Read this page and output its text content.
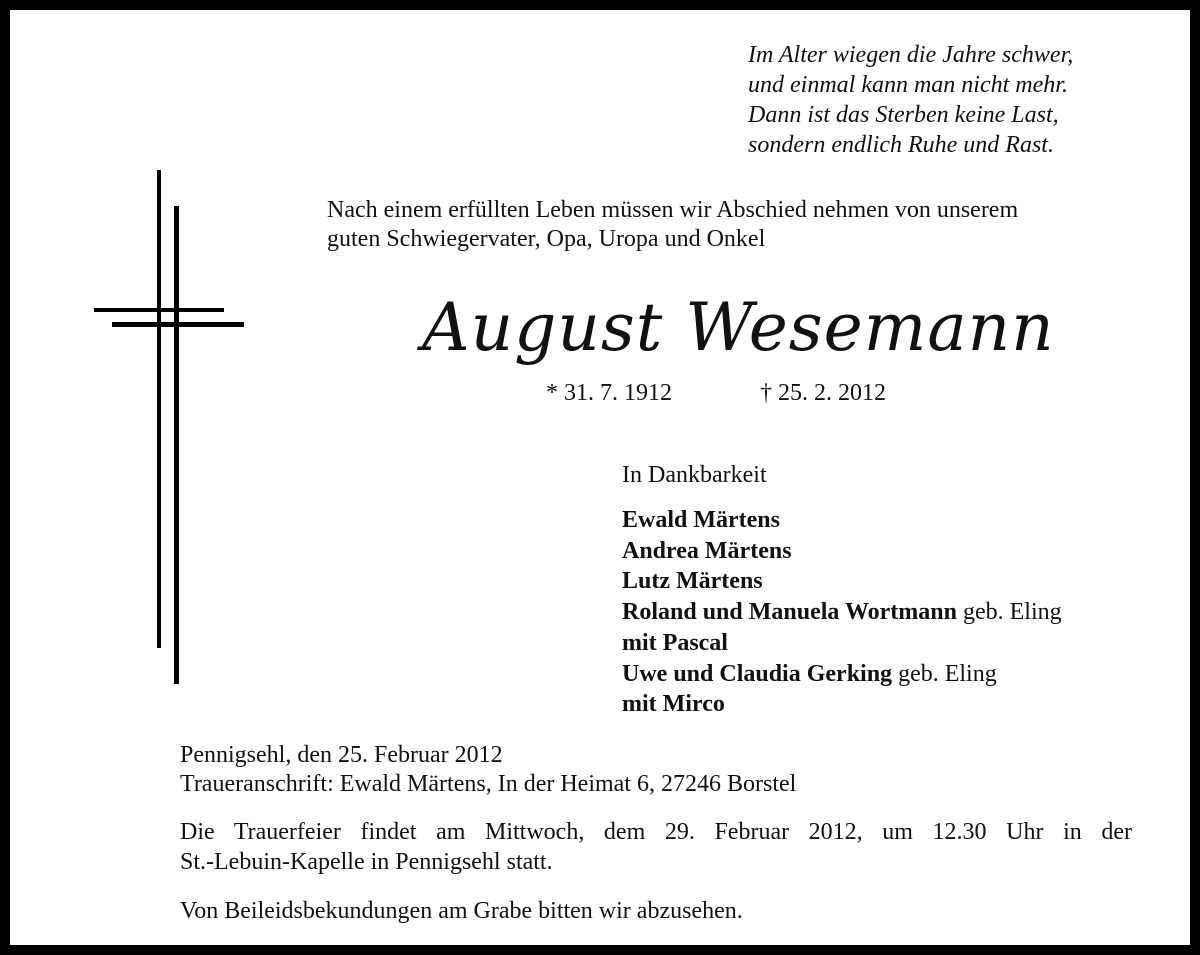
Im Alter wiegen die Jahre schwer,
und einmal kann man nicht mehr.
Dann ist das Sterben keine Last,
sondern endlich Ruhe und Rast.
Nach einem erfüllten Leben müssen wir Abschied nehmen von unserem
guten Schwiegervater, Opa, Uropa und Onkel
August Wesemann
* 31. 7. 1912	† 25. 2. 2012
In Dankbarkeit
Ewald Märtens
Andrea Märtens
Lutz Märtens
Roland und Manuela Wortmann geb. Eling
mit Pascal
Uwe und Claudia Gerking geb. Eling
mit Mirco
Pennigsehl, den 25. Februar 2012
Traueranschrift: Ewald Märtens, In der Heimat 6, 27246 Borstel
Die Trauerfeier findet am Mittwoch, dem 29. Februar 2012, um 12.30 Uhr in der
St.-Lebuin-Kapelle in Pennigsehl statt.
Von Beileidsbekundungen am Grabe bitten wir abzusehen.
